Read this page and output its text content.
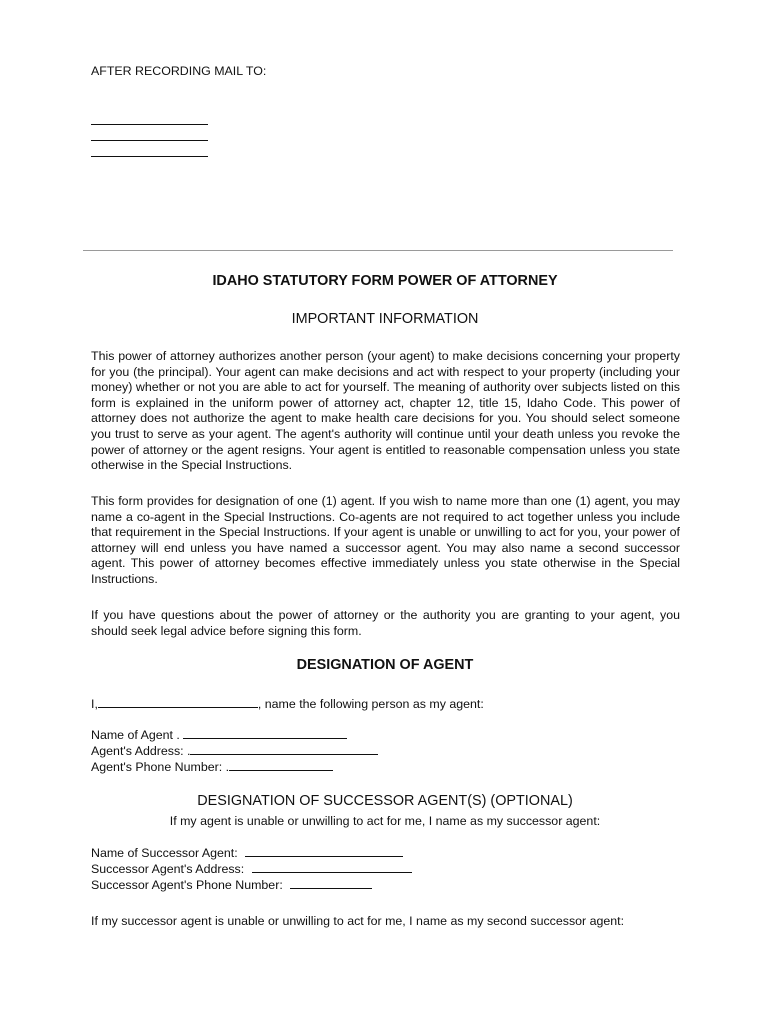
AFTER RECORDING MAIL TO:
IDAHO STATUTORY FORM POWER OF ATTORNEY
IMPORTANT INFORMATION
This power of attorney authorizes another person (your agent) to make decisions concerning your property for you (the principal). Your agent can make decisions and act with respect to your property (including your money) whether or not you are able to act for yourself. The meaning of authority over subjects listed on this form is explained in the uniform power of attorney act, chapter 12, title 15, Idaho Code. This power of attorney does not authorize the agent to make health care decisions for you. You should select someone you trust to serve as your agent. The agent's authority will continue until your death unless you revoke the power of attorney or the agent resigns. Your agent is entitled to reasonable compensation unless you state otherwise in the Special Instructions.
This form provides for designation of one (1) agent. If you wish to name more than one (1) agent, you may name a co-agent in the Special Instructions. Co-agents are not required to act together unless you include that requirement in the Special Instructions. If your agent is unable or unwilling to act for you, your power of attorney will end unless you have named a successor agent. You may also name a second successor agent. This power of attorney becomes effective immediately unless you state otherwise in the Special Instructions.
If you have questions about the power of attorney or the authority you are granting to your agent, you should seek legal advice before signing this form.
DESIGNATION OF AGENT
I,	, name the following person as my agent:
Name of Agent .
Agent's Address: .
Agent's Phone Number: .
DESIGNATION OF SUCCESSOR AGENT(S) (OPTIONAL)
If my agent is unable or unwilling to act for me, I name as my successor agent:
Name of Successor Agent:
Successor Agent's Address:
Successor Agent's Phone Number:
If my successor agent is unable or unwilling to act for me, I name as my second successor agent:
